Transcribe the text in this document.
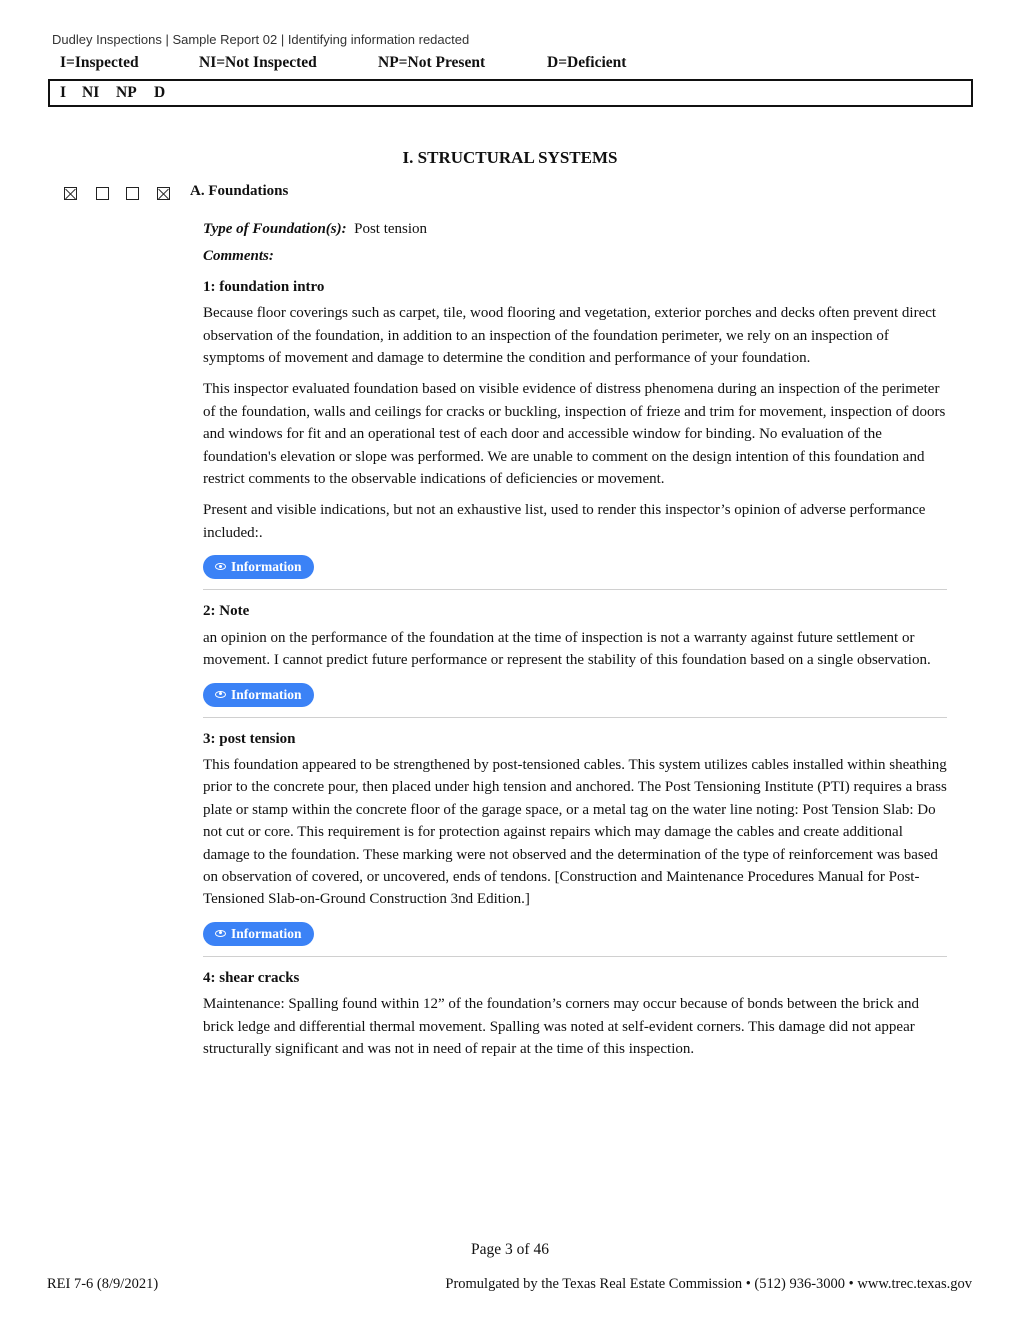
Dudley Inspections | Sample Report 02 | Identifying information redacted
I=Inspected	NI=Not Inspected	NP=Not Present	D=Deficient
I NI NP D
I. STRUCTURAL SYSTEMS
A. Foundations

Type of Foundation(s): Post tension

Comments:

1: foundation intro

Because floor coverings such as carpet, tile, wood flooring and vegetation, exterior porches and decks often prevent direct observation of the foundation, in addition to an inspection of the foundation perimeter, we rely on an inspection of symptoms of movement and damage to determine the condition and performance of your foundation.

This inspector evaluated foundation based on visible evidence of distress phenomena during an inspection of the perimeter of the foundation, walls and ceilings for cracks or buckling, inspection of frieze and trim for movement, inspection of doors and windows for fit and an operational test of each door and accessible window for binding. No evaluation of the foundation's elevation or slope was performed. We are unable to comment on the design intention of this foundation and restrict comments to the observable indications of deficiencies or movement.

Present and visible indications, but not an exhaustive list, used to render this inspector’s opinion of adverse performance included:.

Information

2: Note

an opinion on the performance of the foundation at the time of inspection is not a warranty against future settlement or movement. I cannot predict future performance or represent the stability of this foundation based on a single observation.

Information

3: post tension

This foundation appeared to be strengthened by post-tensioned cables. This system utilizes cables installed within sheathing prior to the concrete pour, then placed under high tension and anchored. The Post Tensioning Institute (PTI) requires a brass plate or stamp within the concrete floor of the garage space, or a metal tag on the water line noting: Post Tension Slab: Do not cut or core. This requirement is for protection against repairs which may damage the cables and create additional damage to the foundation. These marking were not observed and the determination of the type of reinforcement was based on observation of covered, or uncovered, ends of tendons. [Construction and Maintenance Procedures Manual for Post-Tensioned Slab-on-Ground Construction 3nd Edition.]

Information

4: shear cracks

Maintenance: Spalling found within 12” of the foundation’s corners may occur because of bonds between the brick and brick ledge and differential thermal movement. Spalling was noted at self-evident corners. This damage did not appear structurally significant and was not in need of repair at the time of this inspection.

Page 3 of 46
REI 7-6 (8/9/2021)	Promulgated by the Texas Real Estate Commission • (512) 936-3000 • www.trec.texas.gov
